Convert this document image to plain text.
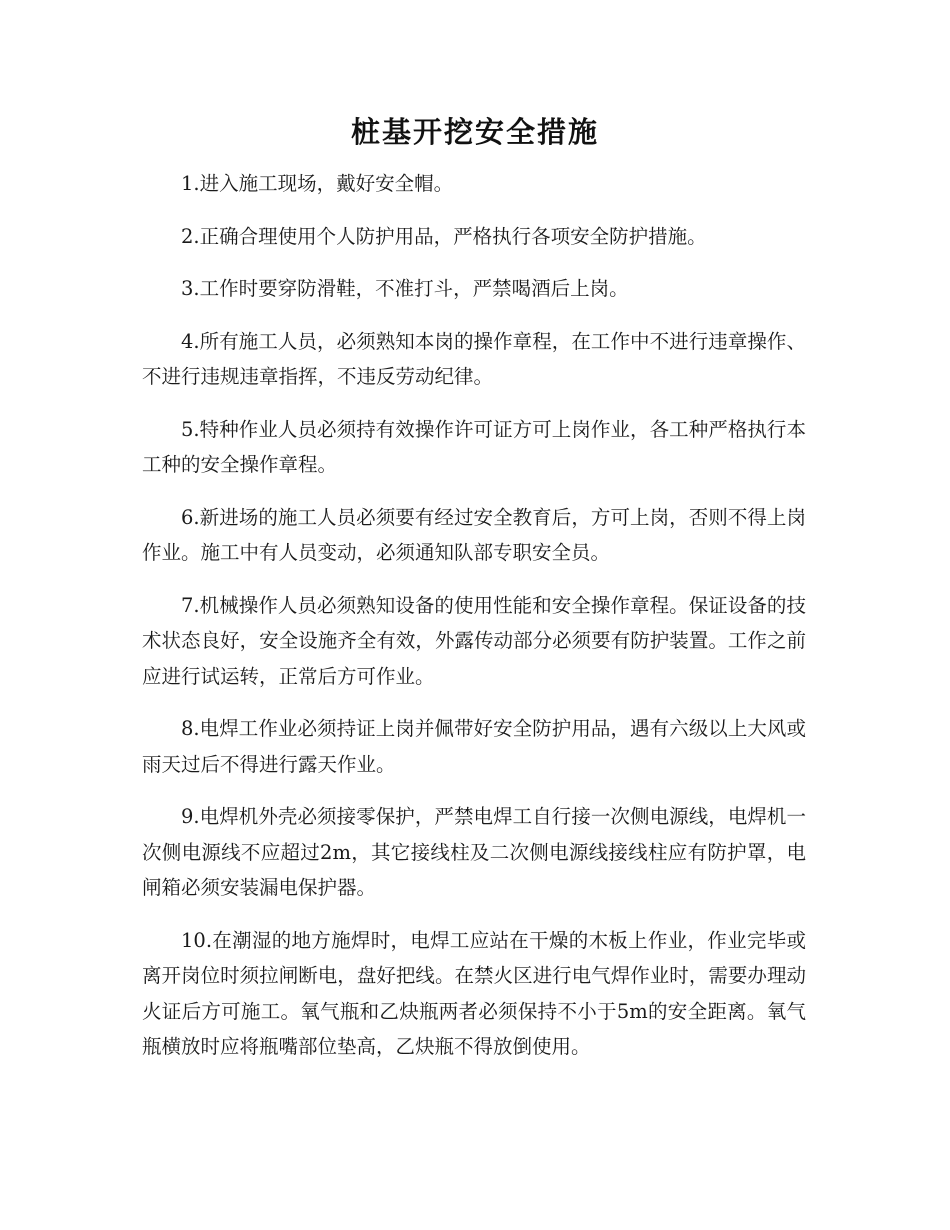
桩基开挖安全措施

1.进入施工现场，戴好安全帽。

2.正确合理使用个人防护用品，严格执行各项安全防护措施。

3.工作时要穿防滑鞋，不准打斗，严禁喝酒后上岗。

4.所有施工人员，必须熟知本岗的操作章程，在工作中不进行违章操作、不进行违规违章指挥，不违反劳动纪律。

5.特种作业人员必须持有效操作许可证方可上岗作业，各工种严格执行本工种的安全操作章程。

6.新进场的施工人员必须要有经过安全教育后，方可上岗，否则不得上岗作业。施工中有人员变动，必须通知队部专职安全员。

7.机械操作人员必须熟知设备的使用性能和安全操作章程。保证设备的技术状态良好，安全设施齐全有效，外露传动部分必须要有防护装置。工作之前应进行试运转，正常后方可作业。

8.电焊工作业必须持证上岗并佩带好安全防护用品，遇有六级以上大风或雨天过后不得进行露天作业。

9.电焊机外壳必须接零保护，严禁电焊工自行接一次侧电源线，电焊机一次侧电源线不应超过2m，其它接线柱及二次侧电源线接线柱应有防护罩，电闸箱必须安装漏电保护器。

10.在潮湿的地方施焊时，电焊工应站在干燥的木板上作业，作业完毕或离开岗位时须拉闸断电，盘好把线。在禁火区进行电气焊作业时，需要办理动火证后方可施工。氧气瓶和乙炔瓶两者必须保持不小于5m的安全距离。氧气瓶横放时应将瓶嘴部位垫高，乙炔瓶不得放倒使用。
